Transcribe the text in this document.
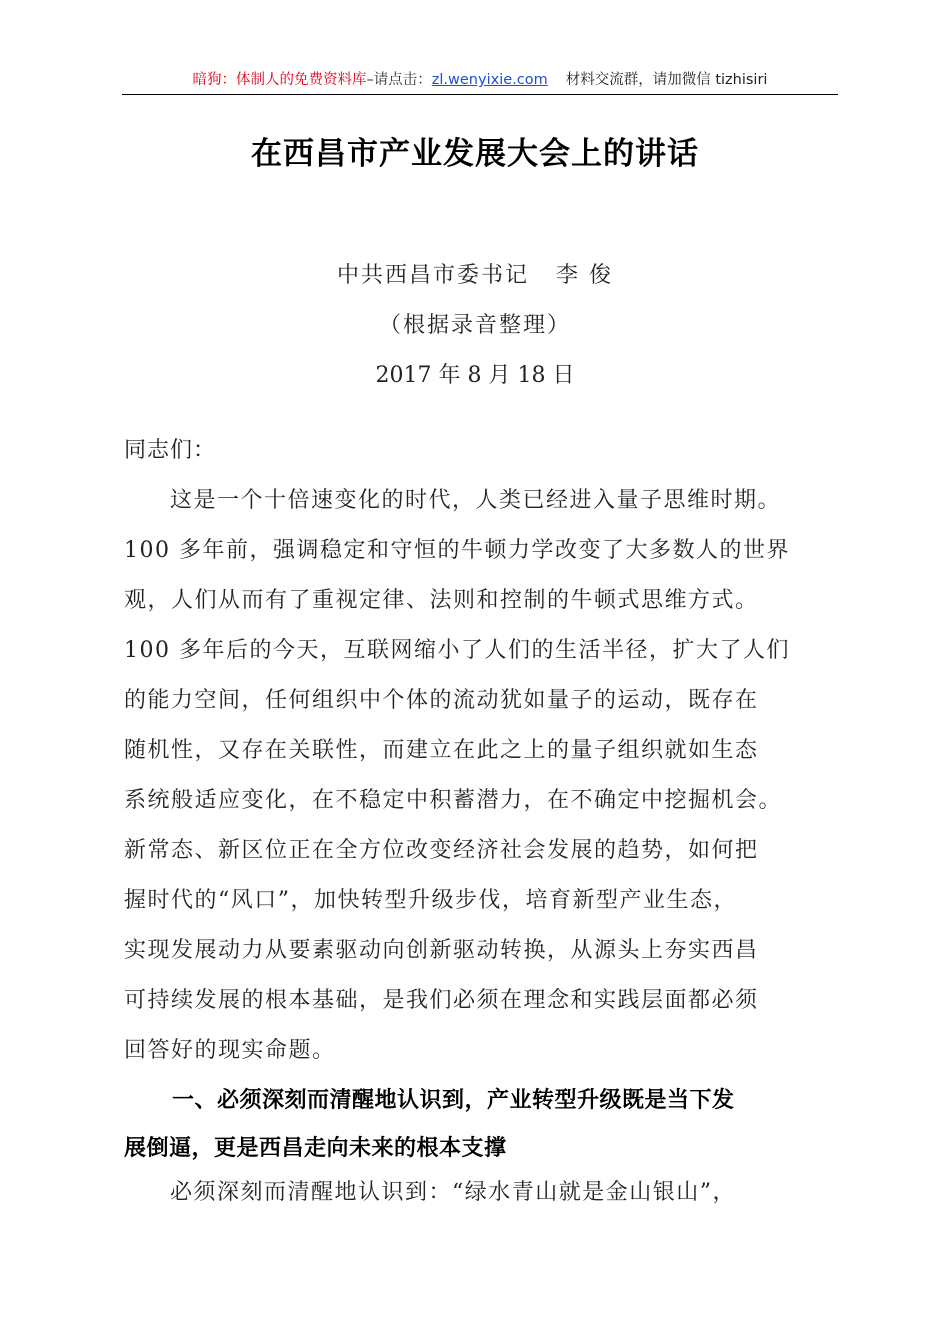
暗狗：体制人的免费资料库–请点击：zl.wenyixie.com 材料交流群，请加微信 tizhisiri
在西昌市产业发展大会上的讲话
中共西昌市委书记   李 俊
（根据录音整理）
2017 年 8 月 18 日
同志们：
这是一个十倍速变化的时代，人类已经进入量子思维时期。
100 多年前，强调稳定和守恒的牛顿力学改变了大多数人的世界
观，人们从而有了重视定律、法则和控制的牛顿式思维方式。
100 多年后的今天，互联网缩小了人们的生活半径，扩大了人们
的能力空间，任何组织中个体的流动犹如量子的运动，既存在
随机性，又存在关联性，而建立在此之上的量子组织就如生态
系统般适应变化，在不稳定中积蓄潜力，在不确定中挖掘机会。
新常态、新区位正在全方位改变经济社会发展的趋势，如何把
握时代的“风口”，加快转型升级步伐，培育新型产业生态，
实现发展动力从要素驱动向创新驱动转换，从源头上夯实西昌
可持续发展的根本基础，是我们必须在理念和实践层面都必须
回答好的现实命题。
一、必须深刻而清醒地认识到，产业转型升级既是当下发
展倒逼，更是西昌走向未来的根本支撑
必须深刻而清醒地认识到：“绿水青山就是金山银山”，
